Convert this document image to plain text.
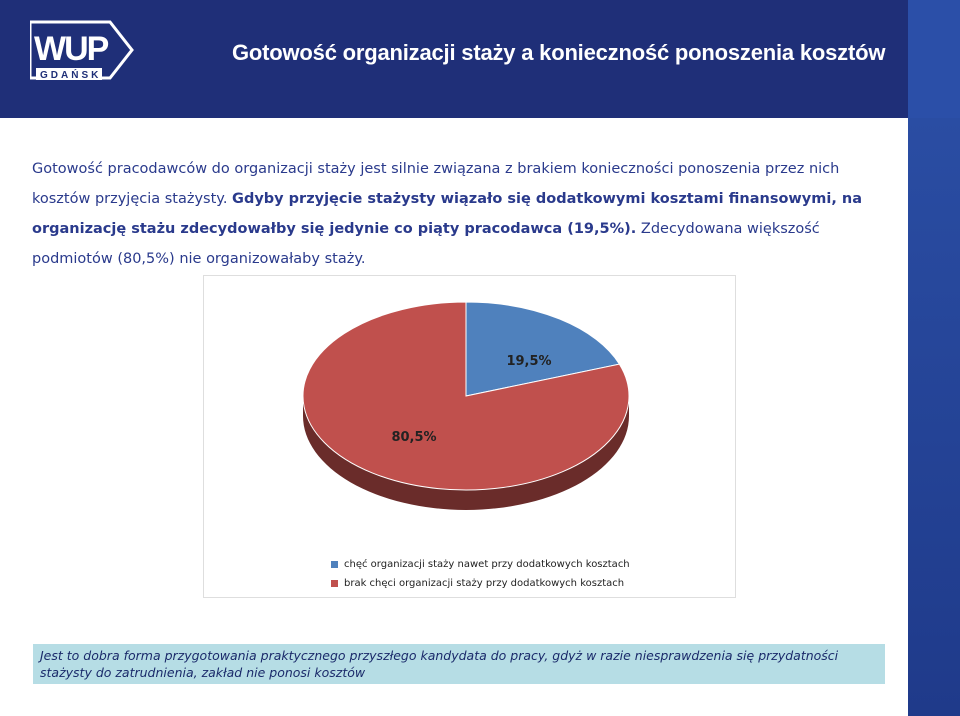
WUP
GDAŃSK
Gotowość organizacji staży a konieczność ponoszenia kosztów
Gotowość pracodawców do organizacji staży jest silnie związana z brakiem konieczności ponoszenia przez nich kosztów przyjęcia stażysty. Gdyby przyjęcie stażysty wiązało się dodatkowymi kosztami finansowymi, na organizację stażu zdecydowałby się jedynie co piąty pracodawca (19,5%). Zdecydowana większość podmiotów (80,5%) nie organizowałaby staży.
19,5%
80,5%
chęć organizacji staży nawet przy dodatkowych kosztach
brak chęci organizacji staży przy dodatkowych kosztach
Jest to dobra forma przygotowania praktycznego przyszłego kandydata do pracy, gdyż w razie niesprawdzenia się przydatności stażysty do zatrudnienia, zakład nie ponosi kosztów
